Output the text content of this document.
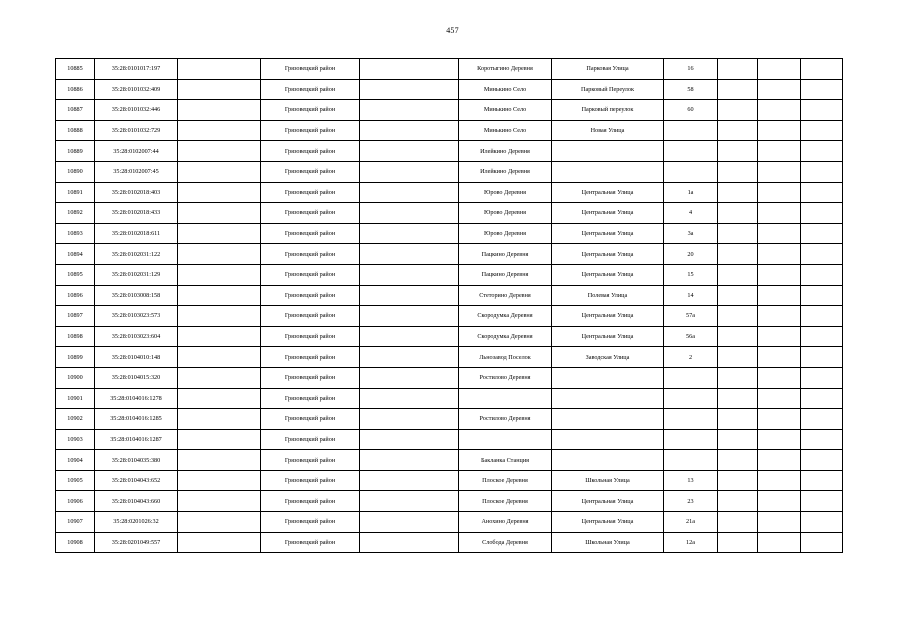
457
10885	35:28:0101017:197		Грязовецкий район		Коротыгино Деревня	Парковая Улица	16			
10886	35:28:0101032:409		Грязовецкий район		Минькино Село	Парковый Переулок	58			
10887	35:28:0101032:446		Грязовецкий район		Минькино Село	Парковый переулок	60			
10888	35:28:0101032:729		Грязовецкий район		Минькино Село	Новая Улица				
10889	35:28:0102007:44		Грязовецкий район		Илейкино Деревня					
10890	35:28:0102007:45		Грязовецкий район		Илейкино Деревня					
10891	35:28:0102018:403		Грязовецкий район		Юрово Деревня	Центральная Улица	1а			
10892	35:28:0102018:433		Грязовецкий район		Юрово Деревня	Центральная Улица	4			
10893	35:28:0102018:611		Грязовецкий район		Юрово Деревня	Центральная Улица	3а			
10894	35:28:0102031:122		Грязовецкий район		Пацкино Деревня	Центральная Улица	20			
10895	35:28:0102031:129		Грязовецкий район		Пацкино Деревня	Центральная Улица	15			
10896	35:28:0103008:158		Грязовецкий район		Стеторино Деревня	Полевая Улица	14			
10897	35:28:0103023:573		Грязовецкий район		Скородумка Деревня	Центральная Улица	57а			
10898	35:28:0103023:604		Грязовецкий район		Скородумка Деревня	Центральная Улица	56а			
10899	35:28:0104010:148		Грязовецкий район		Льнозавод Поселок	Заводская Улица	2			
10900	35:28:0104015:320		Грязовецкий район		Ростилово Деревня					
10901	35:28:0104016:1278		Грязовецкий район							
10902	35:28:0104016:1285		Грязовецкий район		Ростилово Деревня					
10903	35:28:0104016:1287		Грязовецкий район							
10904	35:28:0104035:380		Грязовецкий район		Бакланка Станция					
10905	35:28:0104043:652		Грязовецкий район		Плоское Деревня	Школьная Улица	13			
10906	35:28:0104043:660		Грязовецкий район		Плоское Деревня	Центральная Улица	23			
10907	35:28:0201026:32		Грязовецкий район		Анохино Деревня	Центральная Улица	21а			
10908	35:28:0201049:557		Грязовецкий район		Слобода Деревня	Школьная Улица	12а			
